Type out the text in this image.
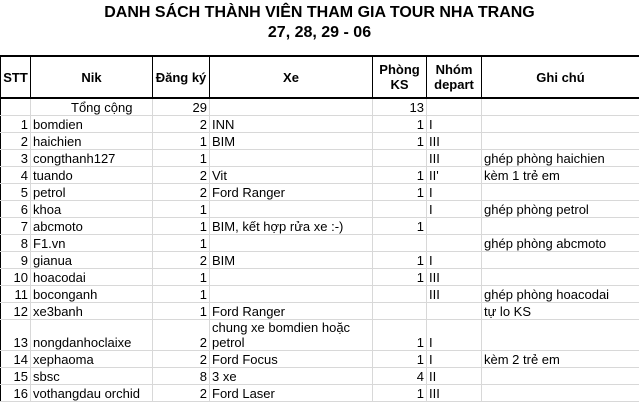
DANH SÁCH THÀNH VIÊN THAM GIA TOUR NHA TRANG
27, 28, 29 - 06
STT	Nik	Đăng ký	Xe	Phòng KS	Nhóm depart	Ghi chú
	Tổng cộng	29		13		
1	bomdien	2	INN	1	I	
2	haichien	1	BIM	1	III	
3	congthanh127	1			III	ghép phòng haichien
4	tuando	2	Vit	1	II'	kèm 1 trẻ em
5	petrol	2	Ford Ranger	1	I	
6	khoa	1			I	ghép phòng petrol
7	abcmoto	1	BIM, kết hợp rửa xe :-)	1		
8	F1.vn	1				ghép phòng abcmoto
9	gianua	2	BIM	1	I	
10	hoacodai	1		1	III	
11	boconganh	1			III	ghép phòng hoacodai
12	xe3banh	1	Ford Ranger			tự lo KS
13	nongdanhoclaixe	2	chung xe bomdien hoặc petrol	1	I	
14	xephaoma	2	Ford Focus	1	I	kèm 2 trẻ em
15	sbsc	8	3 xe	4	II	
16	vothangdau orchid	2	Ford Laser	1	III	
